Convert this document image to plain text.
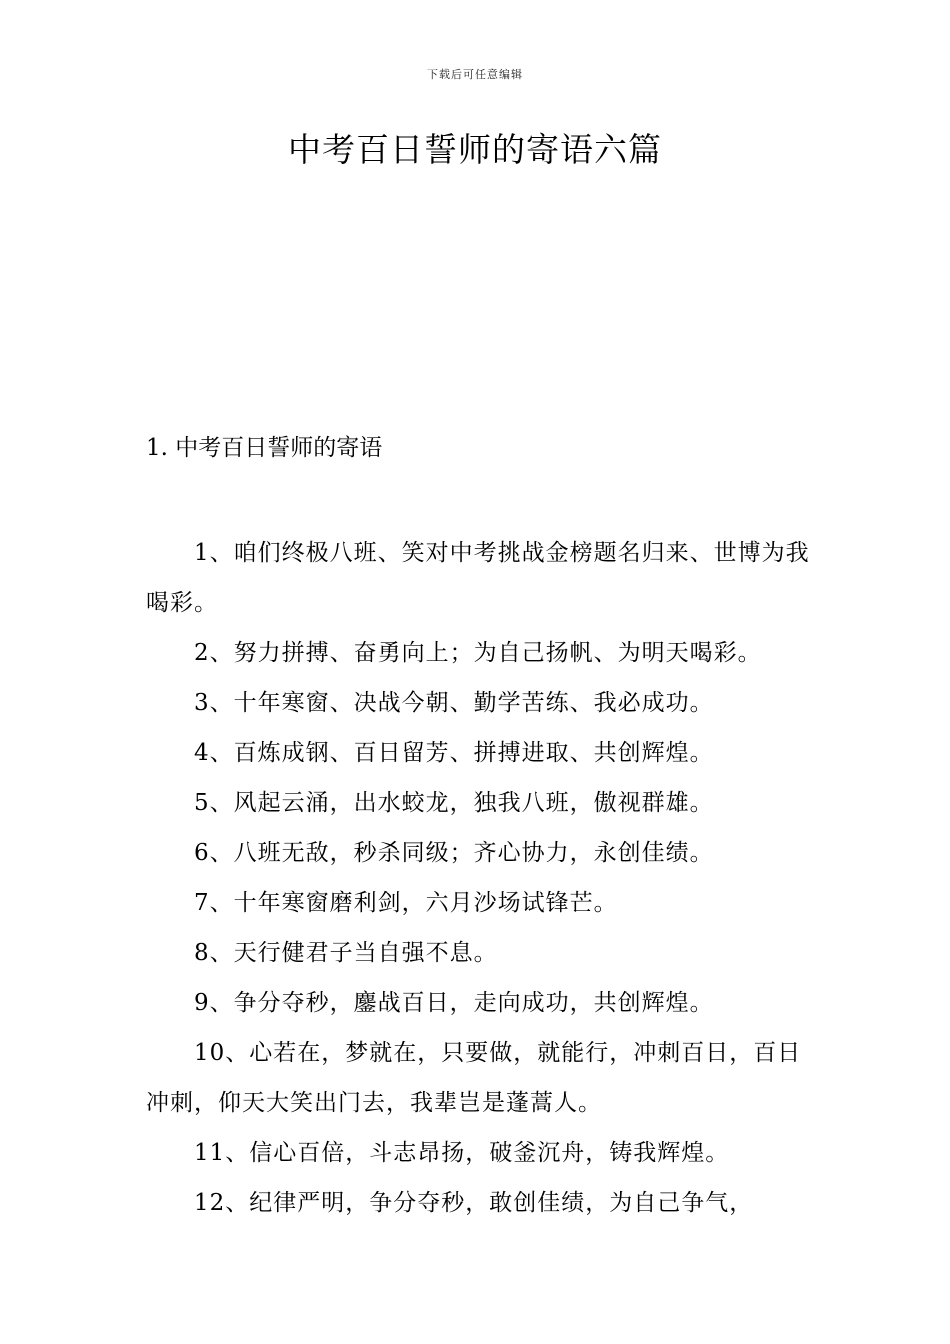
下载后可任意编辑
中考百日誓师的寄语六篇
1. 中考百日誓师的寄语
1、咱们终极八班、笑对中考挑战金榜题名归来、世博为我喝彩。
2、努力拼搏、奋勇向上；为自己扬帆、为明天喝彩。
3、十年寒窗、决战今朝、勤学苦练、我必成功。
4、百炼成钢、百日留芳、拼搏进取、共创辉煌。
5、风起云涌，出水蛟龙，独我八班，傲视群雄。
6、八班无敌，秒杀同级；齐心协力，永创佳绩。
7、十年寒窗磨利剑，六月沙场试锋芒。
8、天行健君子当自强不息。
9、争分夺秒，鏖战百日，走向成功，共创辉煌。
10、心若在，梦就在，只要做，就能行，冲刺百日，百日冲刺，仰天大笑出门去，我辈岂是蓬蒿人。
11、信心百倍，斗志昂扬，破釜沉舟，铸我辉煌。
12、纪律严明，争分夺秒，敢创佳绩，为自己争气，
